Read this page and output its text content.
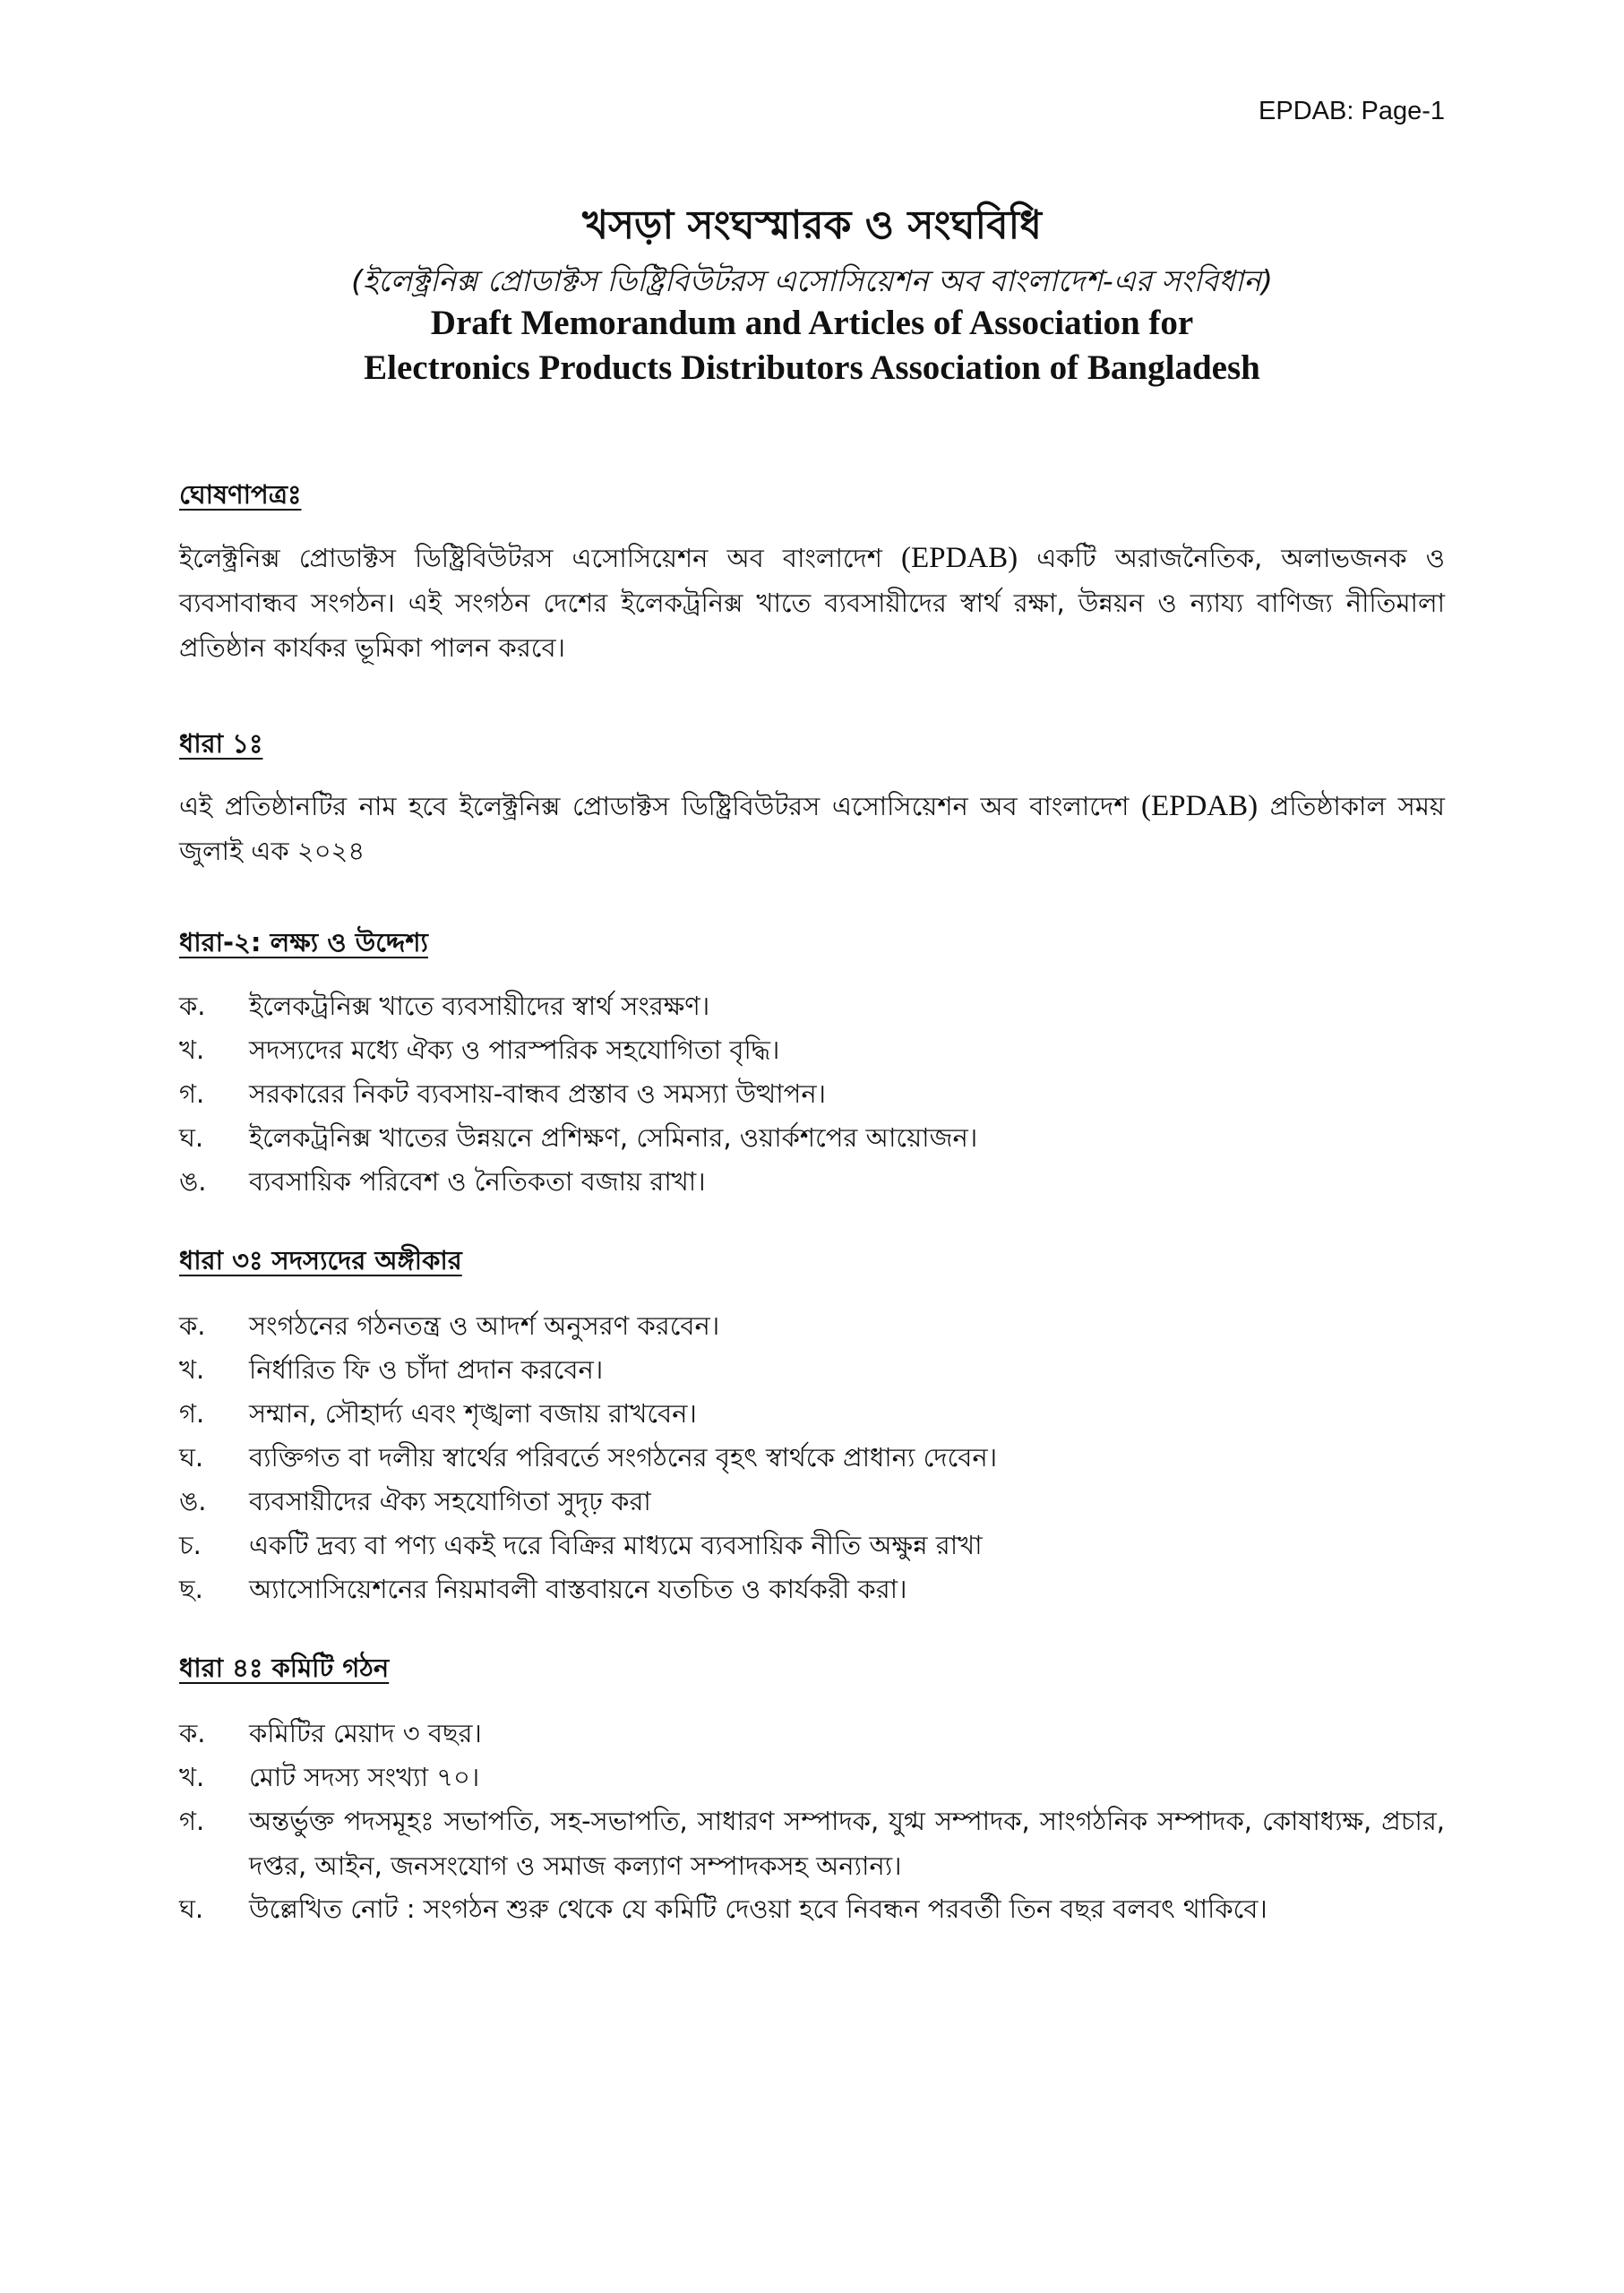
EPDAB: Page-1
খসড়া সংঘস্মারক ও সংঘবিধি
(ইলেক্ট্রনিক্স প্রোডাক্টস ডিষ্ট্রিবিউটরস এসোসিয়েশন অব বাংলাদেশ-এর সংবিধান)
Draft Memorandum and Articles of Association for
Electronics Products Distributors Association of Bangladesh
ঘোষণাপত্রঃ

ইলেক্ট্রনিক্স প্রোডাক্টস ডিষ্ট্রিবিউটরস এসোসিয়েশন অব বাংলাদেশ (EPDAB) একটি অরাজনৈতিক, অলাভজনক ও ব্যবসাবান্ধব সংগঠন। এই সংগঠন দেশের ইলেকট্রনিক্স খাতে ব্যবসায়ীদের স্বার্থ রক্ষা, উন্নয়ন ও ন্যায্য বাণিজ্য নীতিমালা প্রতিষ্ঠান কার্যকর ভূমিকা পালন করবে।

ধারা ১ঃ

এই প্রতিষ্ঠানটির নাম হবে ইলেক্ট্রনিক্স প্রোডাক্টস ডিষ্ট্রিবিউটরস এসোসিয়েশন অব বাংলাদেশ (EPDAB) প্রতিষ্ঠাকাল সময় জুলাই এক ২০২৪

ধারা-২: লক্ষ্য ও উদ্দেশ্য
ক. ইলেকট্রনিক্স খাতে ব্যবসায়ীদের স্বার্থ সংরক্ষণ।
খ. সদস্যদের মধ্যে ঐক্য ও পারস্পরিক সহযোগিতা বৃদ্ধি।
গ. সরকারের নিকট ব্যবসায়-বান্ধব প্রস্তাব ও সমস্যা উত্থাপন।
ঘ. ইলেকট্রনিক্স খাতের উন্নয়নে প্রশিক্ষণ, সেমিনার, ওয়ার্কশপের আয়োজন।
ঙ. ব্যবসায়িক পরিবেশ ও নৈতিকতা বজায় রাখা।
ধারা ৩ঃ সদস্যদের অঙ্গীকার
ক. সংগঠনের গঠনতন্ত্র ও আদর্শ অনুসরণ করবেন।
খ. নির্ধারিত ফি ও চাঁদা প্রদান করবেন।
গ. সম্মান, সৌহার্দ্য এবং শৃঙ্খলা বজায় রাখবেন।
ঘ. ব্যক্তিগত বা দলীয় স্বার্থের পরিবর্তে সংগঠনের বৃহৎ স্বার্থকে প্রাধান্য দেবেন।
ঙ. ব্যবসায়ীদের ঐক্য সহযোগিতা সুদৃঢ় করা
চ. একটি দ্রব্য বা পণ্য একই দরে বিক্রির মাধ্যমে ব্যবসায়িক নীতি অক্ষুন্ন রাখা
ছ. অ্যাসোসিয়েশনের নিয়মাবলী বাস্তবায়নে যতচিত ও কার্যকরী করা।
ধারা ৪ঃ কমিটি গঠন
ক. কমিটির মেয়াদ ৩ বছর।
খ. মোট সদস্য সংখ্যা ৭০।
গ. অন্তর্ভুক্ত পদসমূহঃ সভাপতি, সহ-সভাপতি, সাধারণ সম্পাদক, যুগ্ম সম্পাদক, সাংগঠনিক সম্পাদক, কোষাধ্যক্ষ, প্রচার, দপ্তর, আইন, জনসংযোগ ও সমাজ কল্যাণ সম্পাদকসহ অন্যান্য।
ঘ. উল্লেখিত নোট : সংগঠন শুরু থেকে যে কমিটি দেওয়া হবে নিবন্ধন পরবর্তী তিন বছর বলবৎ থাকিবে।
